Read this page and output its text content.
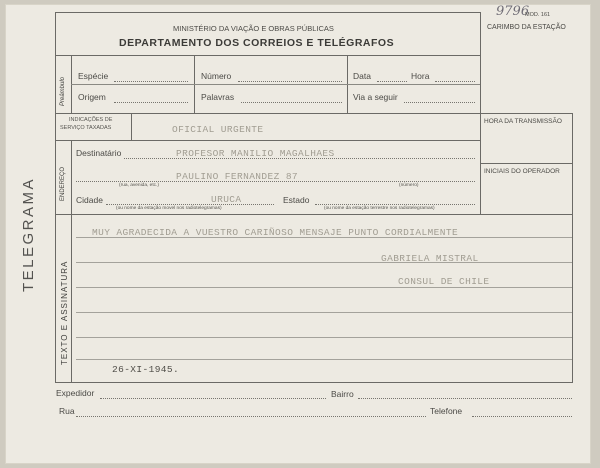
9796
MOD. 161
MINISTÉRIO DA VIAÇÃO E OBRAS PÚBLICAS
DEPARTAMENTO DOS CORREIOS E TELÉGRAFOS
CARIMBO DA ESTAÇÃO
TELEGRAMA
Preâmbulo
Espécie	Número	Data	Hora
Origem	Palavras	Via a seguir
INDICAÇÕES DE
SERVIÇO TAXADAS	OFICIAL URGENTE
HORA DA TRANSMISSÃO
INICIAIS DO OPERADOR
ENDEREÇO
Destinatário	PROFESOR MANILIO MAGALHAES
PAULINO FERNANDEZ 87
(rua, avenida, etc.)	(número)
Cidade	URUCA	Estado
(ou nome da estação movel nos radiotelegramas)	(ou nome da estação terrestre nos radiotelegramas)
TEXTO E ASSINATURA
MUY AGRADECIDA A VUESTRO CARIÑOSO MENSAJE PUNTO CORDIALMENTE
GABRIELA MISTRAL
CONSUL DE CHILE
26-XI-1945.
Expedidor	Bairro
Rua	Telefone
